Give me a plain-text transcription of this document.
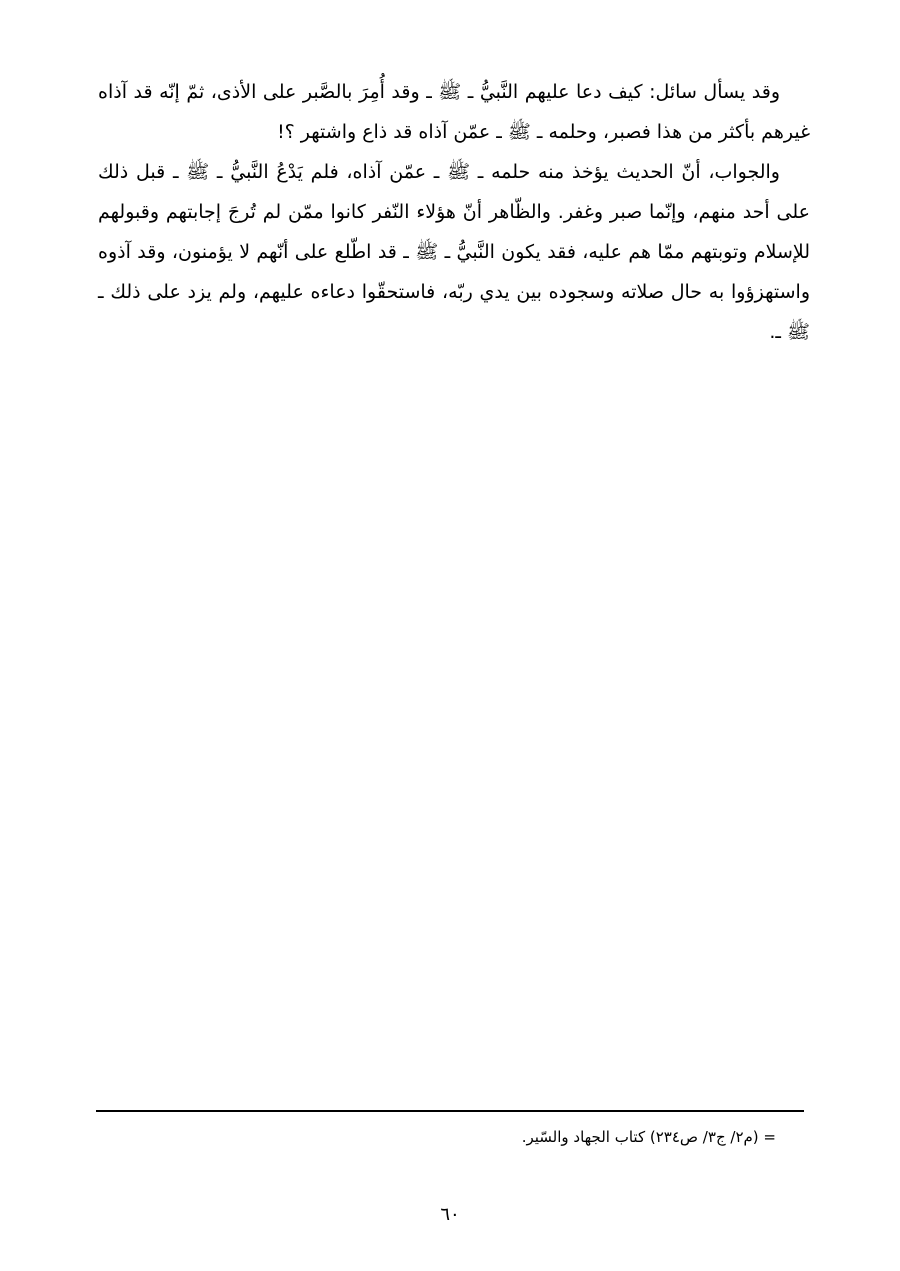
وقد يسأل سائل: كيف دعا عليهم النَّبيُّ ـ ﷺ ـ وقد أُمِرَ بالصَّبر على الأذى، ثمّ إنّه قد آذاه غيرهم بأكثر من هذا فصبر، وحلمه ـ ﷺ ـ عمّن آذاه قد ذاع واشتهر ؟!

والجواب، أنّ الحديث يؤخذ منه حلمه ـ ﷺ ـ عمّن آذاه، فلم يَدْعُ النَّبيُّ ـ ﷺ ـ قبل ذلك على أحد منهم، وإنّما صبر وغفر. والظّاهر أنّ هؤلاء النّفر كانوا ممّن لم تُرجَ إجابتهم وقبولهم للإسلام وتوبتهم ممّا هم عليه، فقد يكون النَّبيُّ ـ ﷺ ـ قد اطّلع على أنّهم لا يؤمنون، وقد آذوه واستهزؤوا به حال صلاته وسجوده بين يدي ربّه، فاستحقّوا دعاءه عليهم، ولم يزد على ذلك ـ ﷺ ـ.

= (م٢/ ج٣/ ص٢٣٤) كتاب الجهاد والسّير.
٦٠
